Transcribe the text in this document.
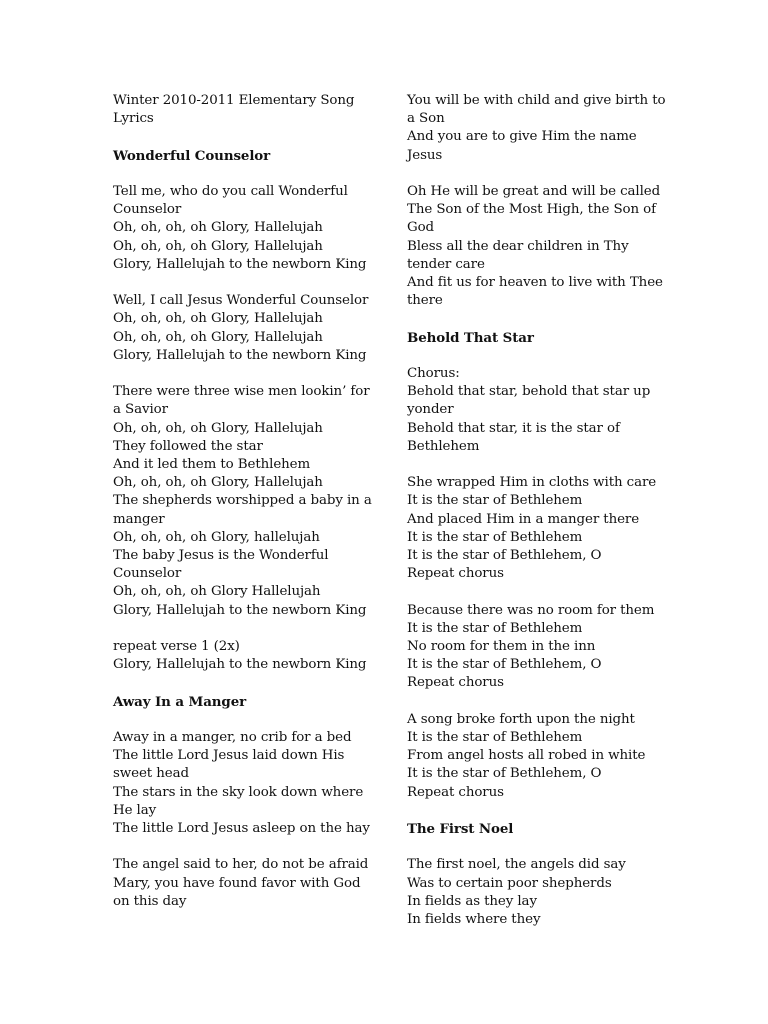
Winter 2010-2011 Elementary Song
Lyrics
Wonderful Counselor
Tell me, who do you call Wonderful
Counselor
Oh, oh, oh, oh Glory, Hallelujah
Oh, oh, oh, oh Glory, Hallelujah
Glory, Hallelujah to the newborn King
Well, I call Jesus Wonderful Counselor
Oh, oh, oh, oh Glory, Hallelujah
Oh, oh, oh, oh Glory, Hallelujah
Glory, Hallelujah to the newborn King
There were three wise men lookin’ for
a Savior
Oh, oh, oh, oh Glory, Hallelujah
They followed the star
And it led them to Bethlehem
Oh, oh, oh, oh Glory, Hallelujah
The shepherds worshipped a baby in a
manger
Oh, oh, oh, oh Glory, hallelujah
The baby Jesus is the Wonderful
Counselor
Oh, oh, oh, oh Glory Hallelujah
Glory, Hallelujah to the newborn King
repeat verse 1 (2x)
Glory, Hallelujah to the newborn King
Away In a Manger
Away in a manger, no crib for a bed
The little Lord Jesus laid down His
sweet head
The stars in the sky look down where
He lay
The little Lord Jesus asleep on the hay
The angel said to her, do not be afraid
Mary, you have found favor with God
on this day
You will be with child and give birth to
a Son
And you are to give Him the name
Jesus
Oh He will be great and will be called
The Son of the Most High, the Son of
God
Bless all the dear children in Thy
tender care
And fit us for heaven to live with Thee
there
Behold That Star
Chorus:
Behold that star, behold that star up
yonder
Behold that star, it is the star of
Bethlehem
She wrapped Him in cloths with care
It is the star of Bethlehem
And placed Him in a manger there
It is the star of Bethlehem
It is the star of Bethlehem, O
Repeat chorus
Because there was no room for them
It is the star of Bethlehem
No room for them in the inn
It is the star of Bethlehem, O
Repeat chorus
A song broke forth upon the night
It is the star of Bethlehem
From angel hosts all robed in white
It is the star of Bethlehem, O
Repeat chorus
The First Noel
The first noel, the angels did say
Was to certain poor shepherds
In fields as they lay
In fields where they
